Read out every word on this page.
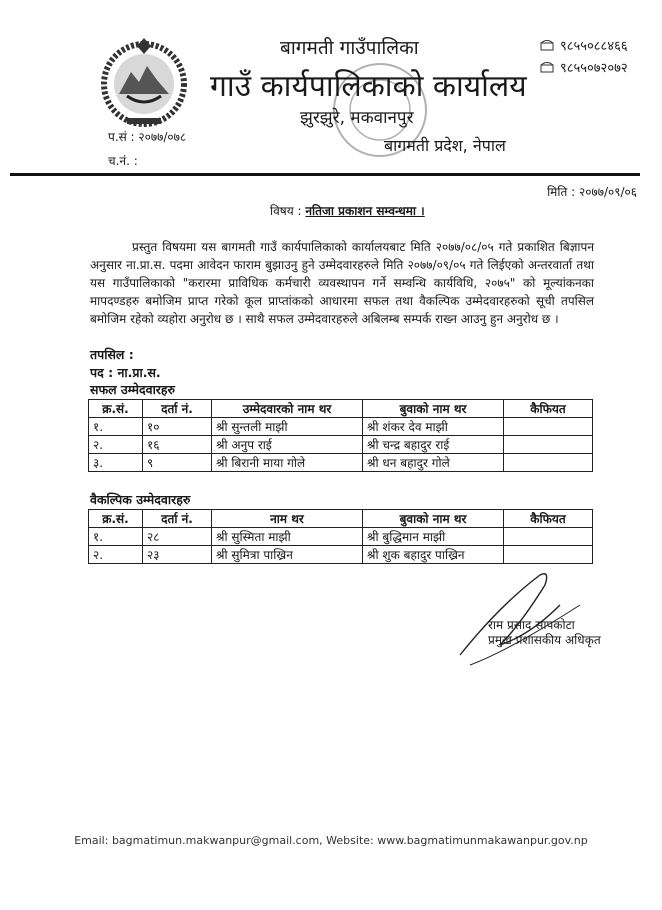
बागमती गाउँपालिका
गाउँ कार्यपालिकाको कार्यालय
झुरझुरे, मकवानपुर
बागमती प्रदेश, नेपाल
९८५५०८८४६६
९८५५०७२०७२
प.सं : २०७७/०७८
च.नं. :
मिति : २०७७/०९/०६
विषय : नतिजा प्रकाशन सम्वन्धमा ।
प्रस्तुत विषयमा यस बागमती गाउँ कार्यपालिकाको कार्यालयबाट मिति २०७७/०८/०५ गते प्रकाशित बिज्ञापन अनुसार ना.प्रा.स. पदमा आवेदन फाराम बुझाउनु हुने उम्मेदवारहरुले मिति २०७७/०९/०५ गते लिईएको अन्तरवार्ता तथा यस गाउँपालिकाको "करारमा प्राविधिक कर्मचारी व्यवस्थापन गर्ने सम्वन्धि कार्यविधि, २०७५" को मूल्यांकनका मापदण्डहरु बमोजिम प्राप्त गरेको कूल प्राप्तांकको आधारमा सफल तथा वैकल्पिक उम्मेदवारहरुको सूची तपसिल बमोजिम रहेको व्यहोरा अनुरोध छ । साथै सफल उम्मेदवारहरुले अबिलम्ब सम्पर्क राख्न आउनु हुन अनुरोध छ ।
तपसिल :
पद : ना.प्रा.स.
सफल उम्मेदवारहरु
क्र.सं.	दर्ता नं.	उम्मेदवारको नाम थर	बुवाको नाम थर	कैफियत
१.	१०	श्री सुन्तली माझी	श्री शंकर देव माझी	
२.	१६	श्री अनुप राई	श्री चन्द्र बहादुर राई	
३.	९	श्री बिरानी माया गोले	श्री धन बहादुर गोले	
वैकल्पिक उम्मेदवारहरु
क्र.सं.	दर्ता नं.	नाम थर	बुवाको नाम थर	कैफियत
१.	२८	श्री सुस्मिता माझी	श्री बुद्धिमान माझी	
२.	२३	श्री सुमित्रा पाख्रिन	श्री शुक बहादुर पाख्रिन	
राम प्रसाद सापकोटा
प्रमुख प्रशासकीय अधिकृत
Email: bagmatimun.makwanpur@gmail.com, Website: www.bagmatimunmakawanpur.gov.np
